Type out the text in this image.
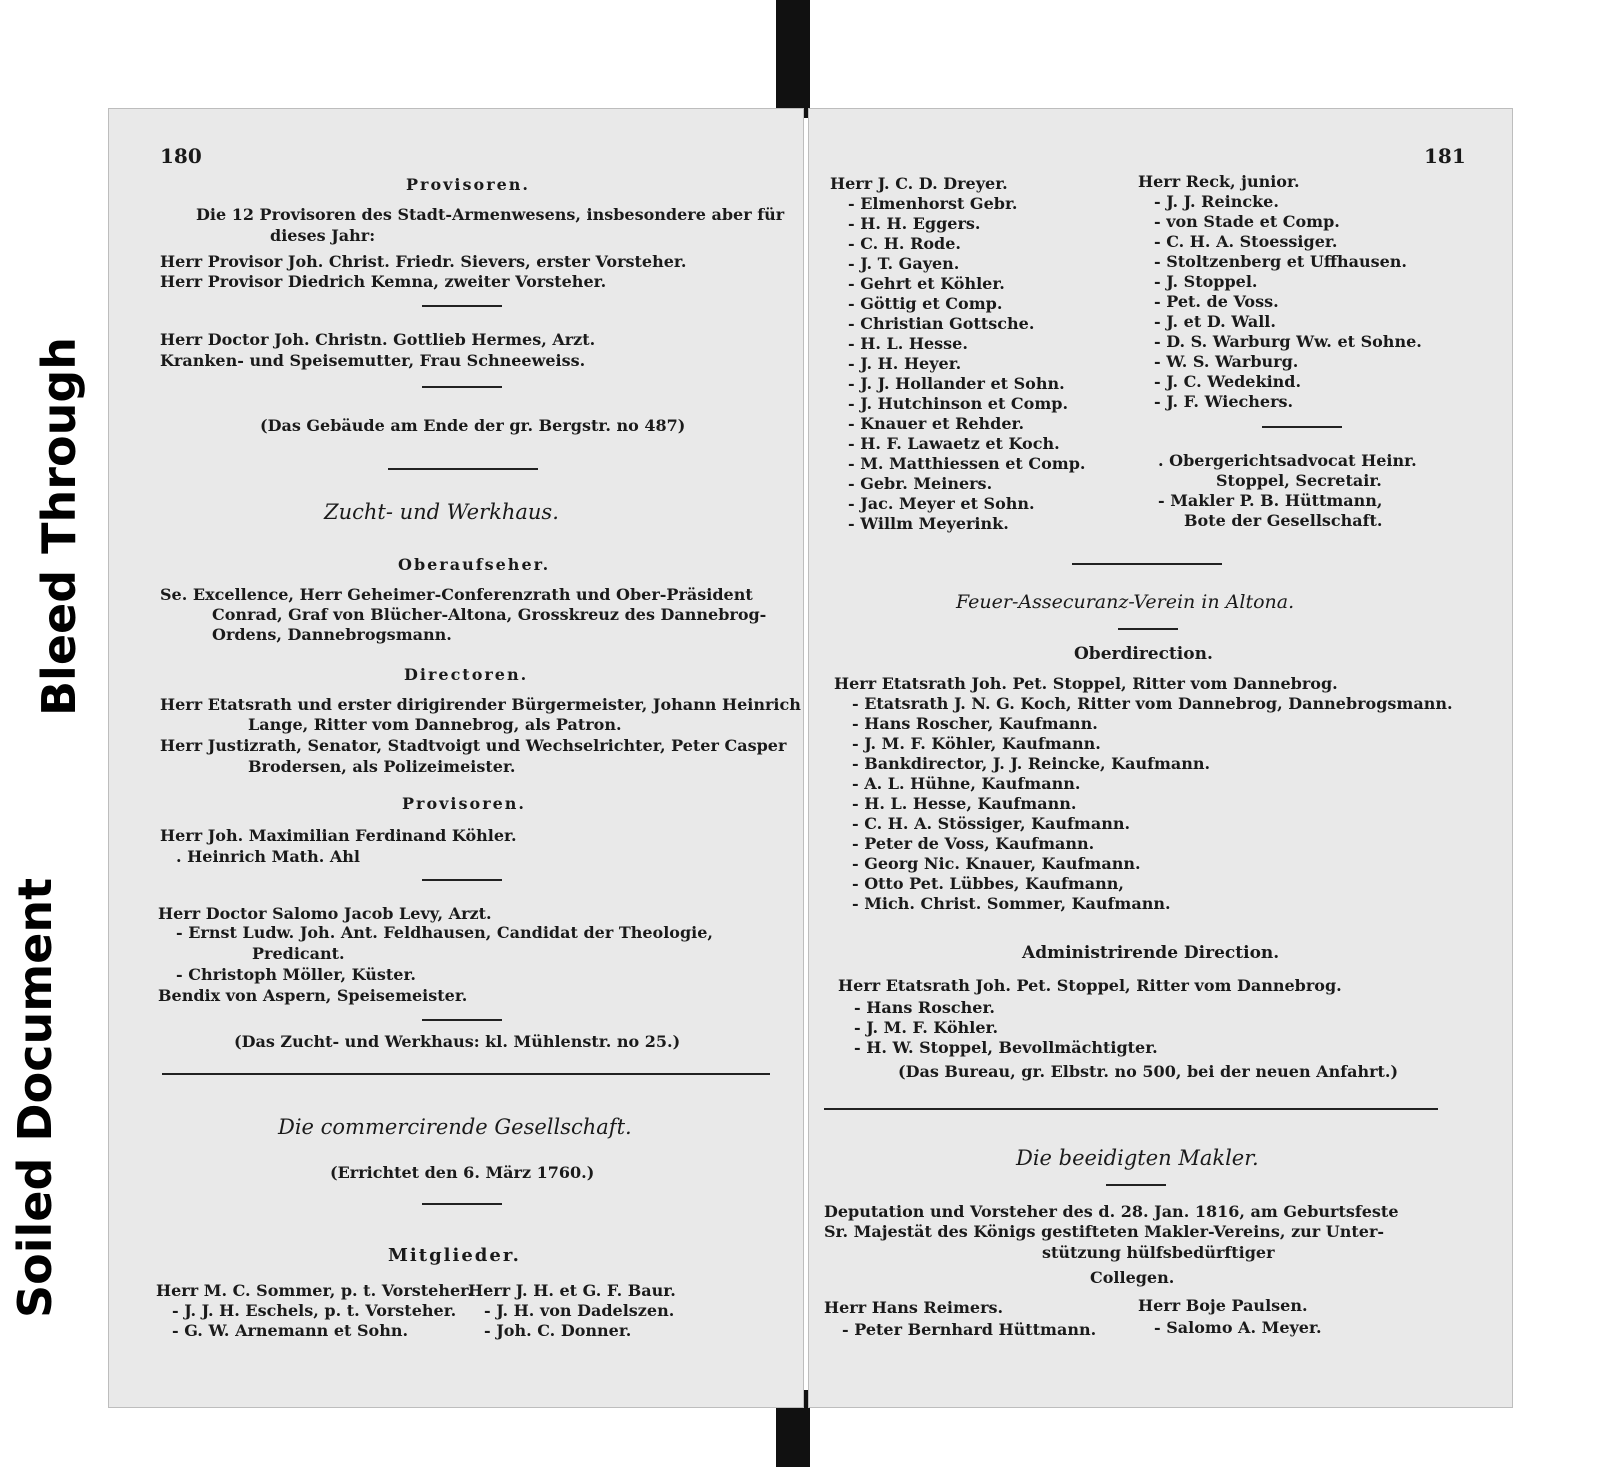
Bleed Through
Soiled Document
180
Provisoren.
Die 12 Provisoren des Stadt-Armenwesens, insbesondere aber für
dieses Jahr:
Herr Provisor Joh. Christ. Friedr. Sievers, erster Vorsteher.
Herr Provisor Diedrich Kemna, zweiter Vorsteher.
Herr Doctor Joh. Christn. Gottlieb Hermes, Arzt.
Kranken- und Speisemutter, Frau Schneeweiss.
(Das Gebäude am Ende der gr. Bergstr. no 487)
Zucht- und Werkhaus.
Oberaufseher.
Se. Excellence, Herr Geheimer-Conferenzrath und Ober-Präsident
Conrad, Graf von Blücher-Altona, Grosskreuz des Dannebrog-
Ordens, Dannebrogsmann.
Directoren.
Herr Etatsrath und erster dirigirender Bürgermeister, Johann Heinrich
Lange, Ritter vom Dannebrog, als Patron.
Herr Justizrath, Senator, Stadtvoigt und Wechselrichter, Peter Casper
Brodersen, als Polizeimeister.
Provisoren.
Herr Joh. Maximilian Ferdinand Köhler.
. Heinrich Math. Ahl
Herr Doctor Salomo Jacob Levy, Arzt.
- Ernst Ludw. Joh. Ant. Feldhausen, Candidat der Theologie,
Predicant.
- Christoph Möller, Küster.
Bendix von Aspern, Speisemeister.
(Das Zucht- und Werkhaus: kl. Mühlenstr. no 25.)
Die commercirende Gesellschaft.
(Errichtet den 6. März 1760.)
Mitglieder.
Herr M. C. Sommer, p. t. Vorsteher.
- J. J. H. Eschels, p. t. Vorsteher.
- G. W. Arnemann et Sohn.
Herr J. H. et G. F. Baur.
- J. H. von Dadelszen.
- Joh. C. Donner.
181
Herr J. C. D. Dreyer.
- Elmenhorst Gebr.
- H. H. Eggers.
- C. H. Rode.
- J. T. Gayen.
- Gehrt et Köhler.
- Göttig et Comp.
- Christian Gottsche.
- H. L. Hesse.
- J. H. Heyer.
- J. J. Hollander et Sohn.
- J. Hutchinson et Comp.
- Knauer et Rehder.
- H. F. Lawaetz et Koch.
- M. Matthiessen et Comp.
- Gebr. Meiners.
- Jac. Meyer et Sohn.
- Willm Meyerink.
Herr Reck, junior.
- J. J. Reincke.
- von Stade et Comp.
- C. H. A. Stoessiger.
- Stoltzenberg et Uffhausen.
- J. Stoppel.
- Pet. de Voss.
- J. et D. Wall.
- D. S. Warburg Ww. et Sohne.
- W. S. Warburg.
- J. C. Wedekind.
- J. F. Wiechers.
. Obergerichtsadvocat Heinr.
Stoppel, Secretair.
- Makler P. B. Hüttmann,
Bote der Gesellschaft.
Feuer-Assecuranz-Verein in Altona.
Oberdirection.
Herr Etatsrath Joh. Pet. Stoppel, Ritter vom Dannebrog.
- Etatsrath J. N. G. Koch, Ritter vom Dannebrog, Dannebrogsmann.
- Hans Roscher, Kaufmann.
- J. M. F. Köhler, Kaufmann.
- Bankdirector, J. J. Reincke, Kaufmann.
- A. L. Hühne, Kaufmann.
- H. L. Hesse, Kaufmann.
- C. H. A. Stössiger, Kaufmann.
- Peter de Voss, Kaufmann.
- Georg Nic. Knauer, Kaufmann.
- Otto Pet. Lübbes, Kaufmann,
- Mich. Christ. Sommer, Kaufmann.
Administrirende Direction.
Herr Etatsrath Joh. Pet. Stoppel, Ritter vom Dannebrog.
- Hans Roscher.
- J. M. F. Köhler.
- H. W. Stoppel, Bevollmächtigter.
(Das Bureau, gr. Elbstr. no 500, bei der neuen Anfahrt.)
Die beeidigten Makler.
Deputation und Vorsteher des d. 28. Jan. 1816, am Geburtsfeste
Sr. Majestät des Königs gestifteten Makler-Vereins, zur Unter-
stützung hülfsbedürftiger
Collegen.
Herr Hans Reimers.
- Peter Bernhard Hüttmann.
Herr Boje Paulsen.
- Salomo A. Meyer.
